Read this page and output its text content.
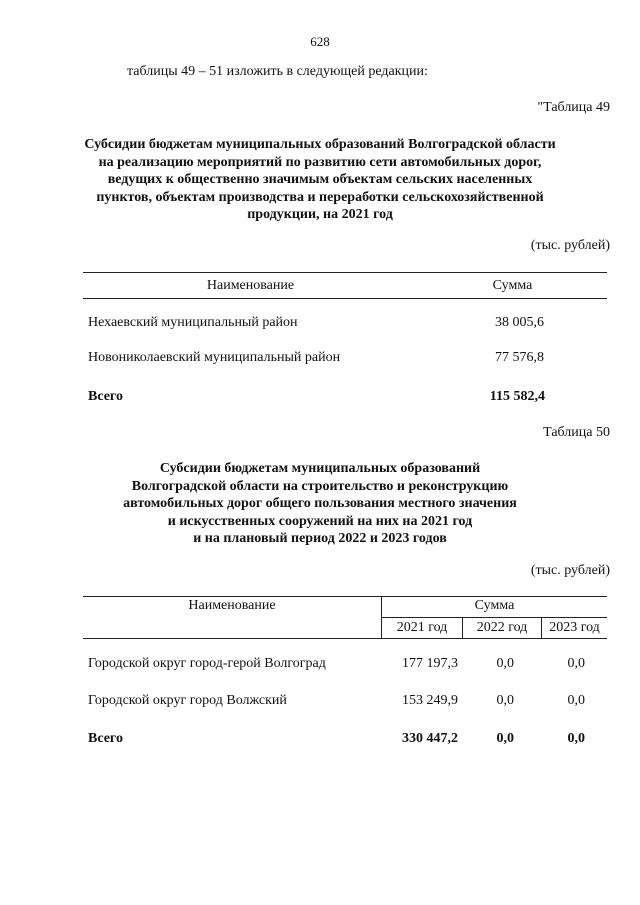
628
таблицы 49 – 51 изложить в следующей редакции:
"Таблица 49
Субсидии бюджетам муниципальных образований Волгоградской области
на реализацию мероприятий по развитию сети автомобильных дорог,
ведущих к общественно значимым объектам сельских населенных
пунктов, объектам производства и переработки сельскохозяйственной
продукции, на 2021 год
(тыс. рублей)
Наименование	Сумма
Нехаевский муниципальный район	38 005,6
Новониколаевский муниципальный район	77 576,8
Всего	115 582,4
Таблица 50
Субсидии бюджетам муниципальных образований
Волгоградской области на строительство и реконструкцию
автомобильных дорог общего пользования местного значения
и искусственных сооружений на них на 2021 год
и на плановый период 2022 и 2023 годов
(тыс. рублей)
Наименование	Сумма
2021 год	2022 год	2023 год
Городской округ город-герой Волгоград	177 197,3	0,0	0,0
Городской округ город Волжский	153 249,9	0,0	0,0
Всего	330 447,2	0,0	0,0
